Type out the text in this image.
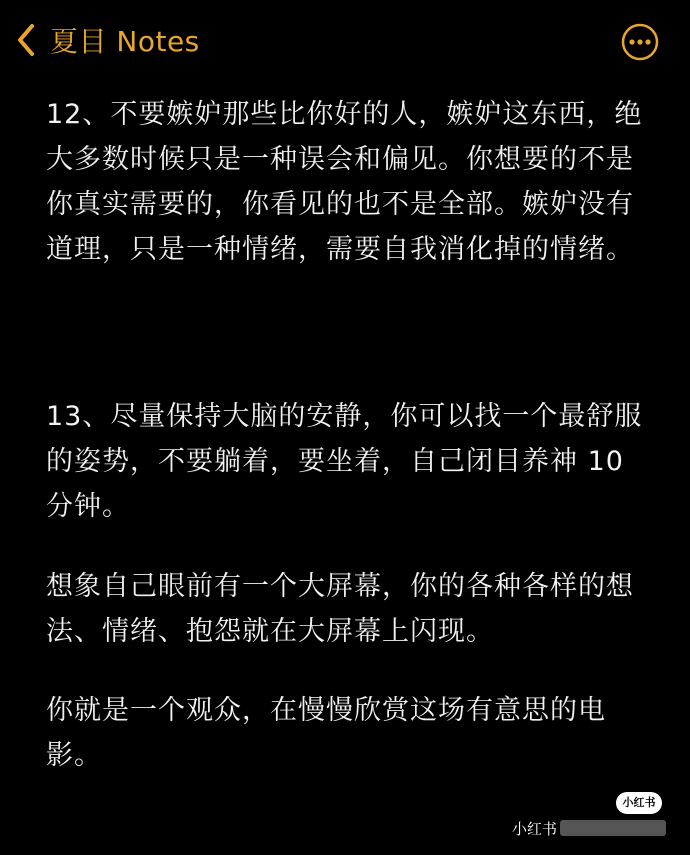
夏目 Notes

12、不要嫉妒那些比你好的人，嫉妒这东西，绝大多数时候只是一种误会和偏见。你想要的不是你真实需要的，你看见的也不是全部。嫉妒没有道理，只是一种情绪，需要自我消化掉的情绪。

13、尽量保持大脑的安静，你可以找一个最舒服的姿势，不要躺着，要坐着，自己闭目养神 10分钟。

想象自己眼前有一个大屏幕，你的各种各样的想法、情绪、抱怨就在大屏幕上闪现。

你就是一个观众，在慢慢欣赏这场有意思的电影。

小红书
小红书
